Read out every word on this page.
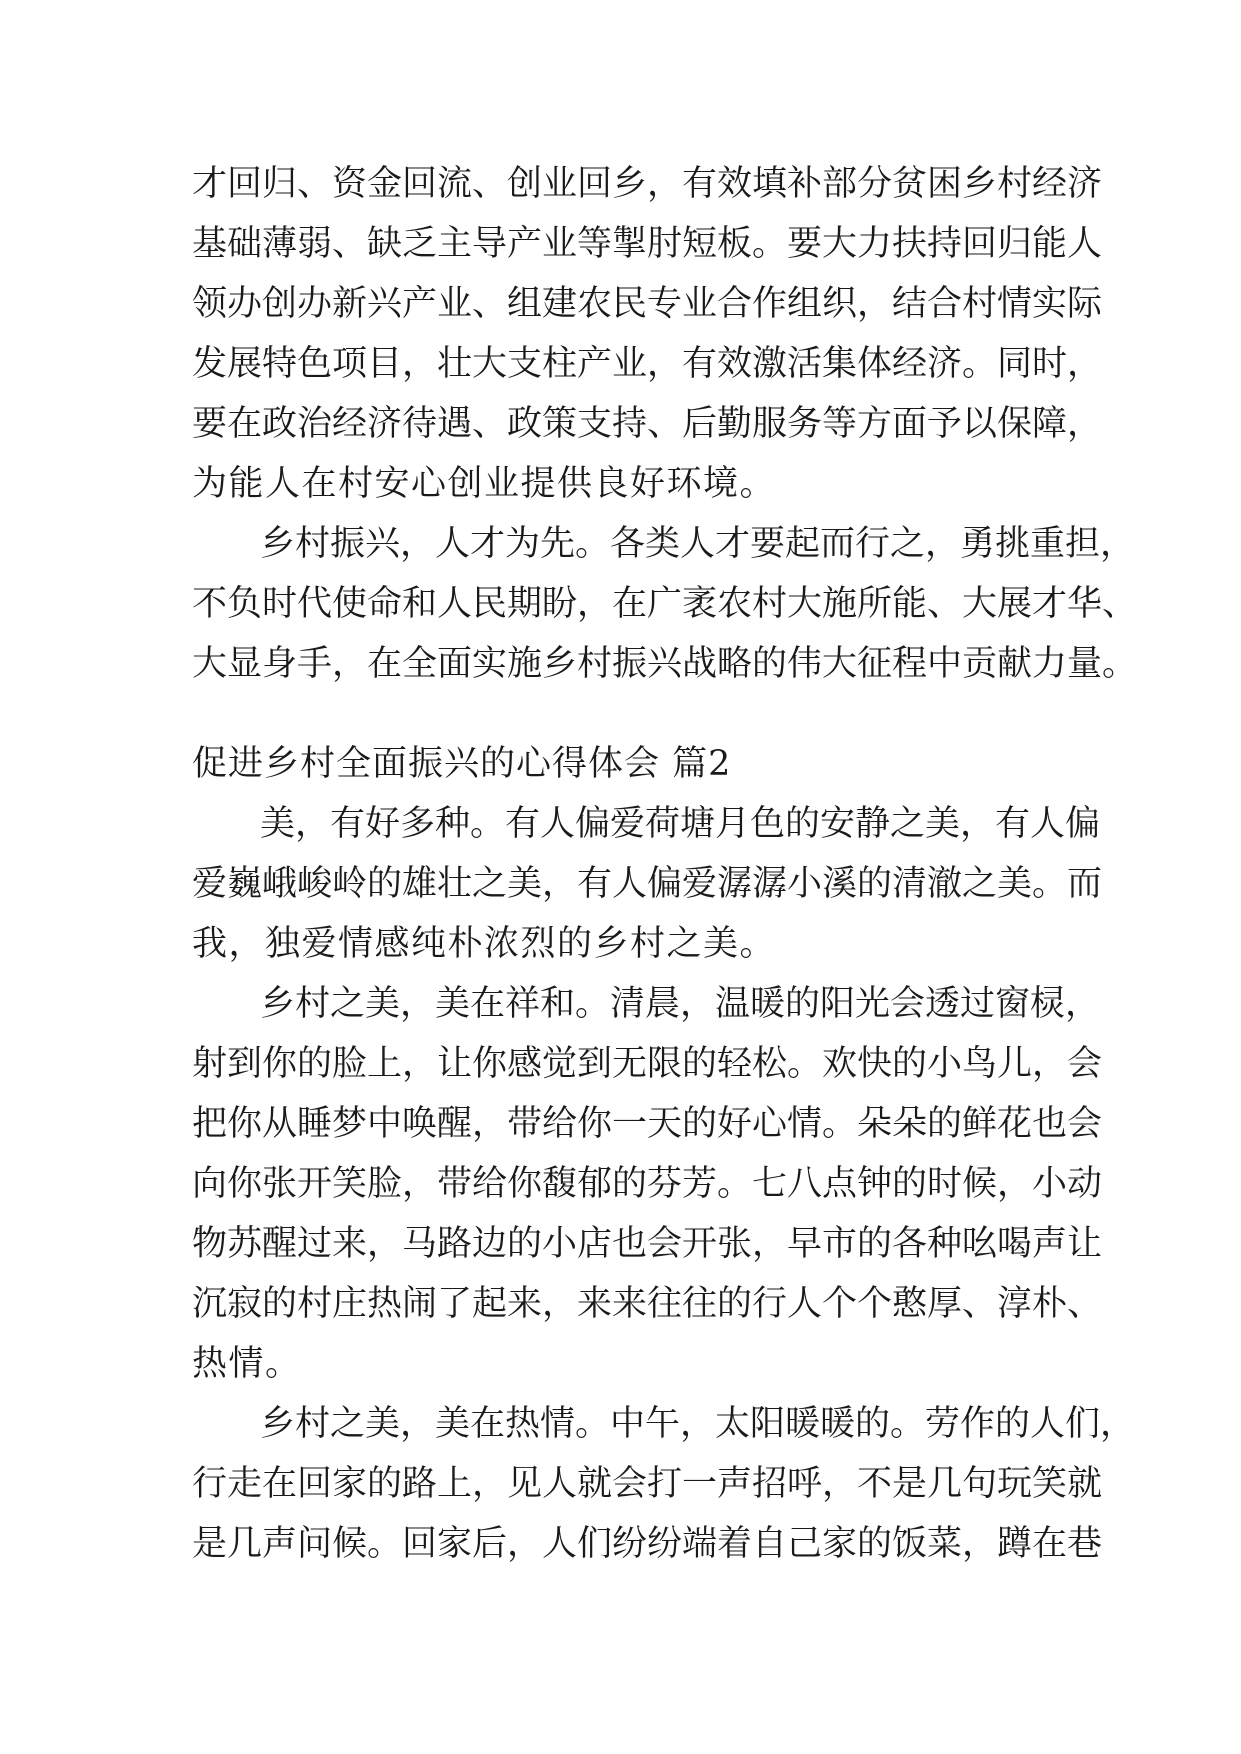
才回归、资金回流、创业回乡，有效填补部分贫困乡村经济
基础薄弱、缺乏主导产业等掣肘短板。要大力扶持回归能人
领办创办新兴产业、组建农民专业合作组织，结合村情实际
发展特色项目，壮大支柱产业，有效激活集体经济。同时，
要在政治经济待遇、政策支持、后勤服务等方面予以保障，
为能人在村安心创业提供良好环境。
乡村振兴，人才为先。各类人才要起而行之，勇挑重担，
不负时代使命和人民期盼，在广袤农村大施所能、大展才华、
大显身手，在全面实施乡村振兴战略的伟大征程中贡献力量。
促进乡村全面振兴的心得体会 篇2
美，有好多种。有人偏爱荷塘月色的安静之美，有人偏
爱巍峨峻岭的雄壮之美，有人偏爱潺潺小溪的清澈之美。而
我，独爱情感纯朴浓烈的乡村之美。
乡村之美，美在祥和。清晨，温暖的阳光会透过窗棂，
射到你的脸上，让你感觉到无限的轻松。欢快的小鸟儿，会
把你从睡梦中唤醒，带给你一天的好心情。朵朵的鲜花也会
向你张开笑脸，带给你馥郁的芬芳。七八点钟的时候，小动
物苏醒过来，马路边的小店也会开张，早市的各种吆喝声让
沉寂的村庄热闹了起来，来来往往的行人个个憨厚、淳朴、
热情。
乡村之美，美在热情。中午，太阳暖暖的。劳作的人们，
行走在回家的路上，见人就会打一声招呼，不是几句玩笑就
是几声问候。回家后，人们纷纷端着自己家的饭菜，蹲在巷
